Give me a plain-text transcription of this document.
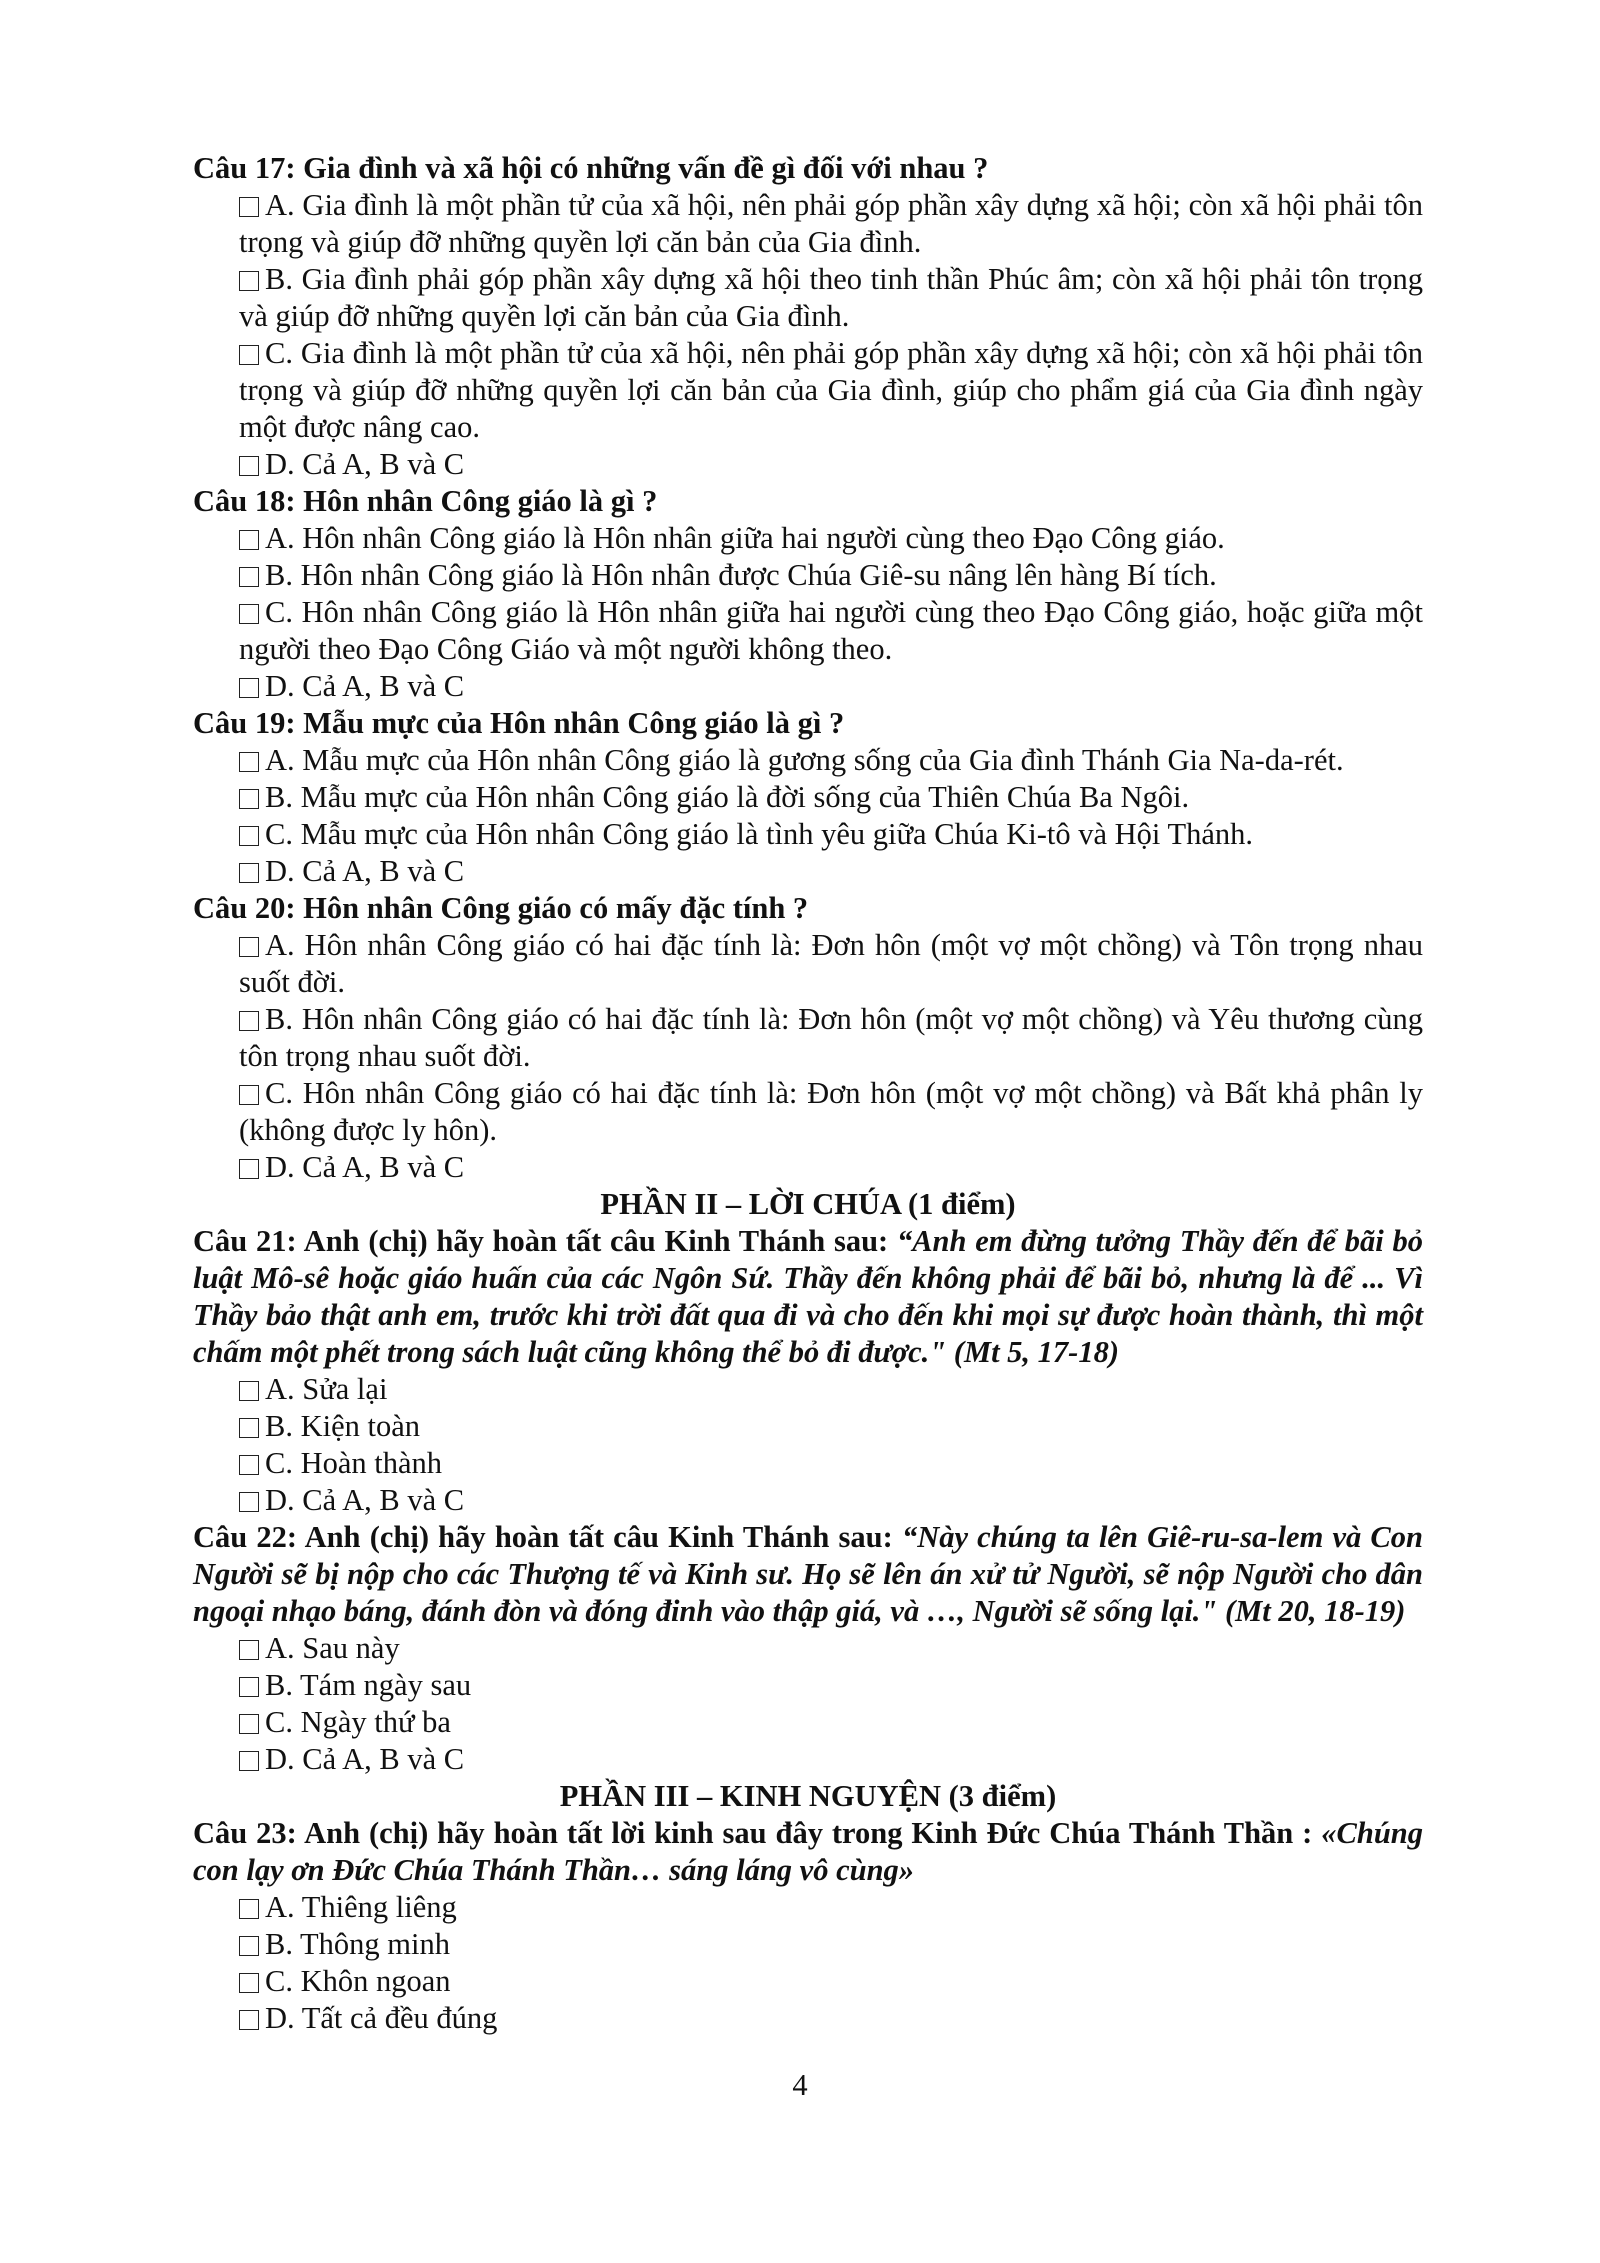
Câu 17: Gia đình và xã hội có những vấn đề gì đối với nhau ?

A. Gia đình là một phần tử của xã hội, nên phải góp phần xây dựng xã hội; còn xã hội phải tôn trọng và giúp đỡ những quyền lợi căn bản của Gia đình.

B. Gia đình phải góp phần xây dựng xã hội theo tinh thần Phúc âm; còn xã hội phải tôn trọng và giúp đỡ những quyền lợi căn bản của Gia đình.

C. Gia đình là một phần tử của xã hội, nên phải góp phần xây dựng xã hội; còn xã hội phải tôn trọng và giúp đỡ những quyền lợi căn bản của Gia đình, giúp cho phẩm giá của Gia đình ngày một được nâng cao.

D. Cả A, B và C

Câu 18: Hôn nhân Công giáo là gì ?

A. Hôn nhân Công giáo là Hôn nhân giữa hai người cùng theo Đạo Công giáo.

B. Hôn nhân Công giáo là Hôn nhân được Chúa Giê-su nâng lên hàng Bí tích.

C. Hôn nhân Công giáo là Hôn nhân giữa hai người cùng theo Đạo Công giáo, hoặc giữa một người theo Đạo Công Giáo và một người không theo.

D. Cả A, B và C

Câu 19: Mẫu mực của Hôn nhân Công giáo là gì ?

A. Mẫu mực của Hôn nhân Công giáo là gương sống của Gia đình Thánh Gia Na-da-rét.

B. Mẫu mực của Hôn nhân Công giáo là đời sống của Thiên Chúa Ba Ngôi.

C. Mẫu mực của Hôn nhân Công giáo là tình yêu giữa Chúa Ki-tô và Hội Thánh.

D. Cả A, B và C

Câu 20: Hôn nhân Công giáo có mấy đặc tính ?

A. Hôn nhân Công giáo có hai đặc tính là: Đơn hôn (một vợ một chồng) và Tôn trọng nhau suốt đời.

B. Hôn nhân Công giáo có hai đặc tính là: Đơn hôn (một vợ một chồng) và Yêu thương cùng tôn trọng nhau suốt đời.

C. Hôn nhân Công giáo có hai đặc tính là: Đơn hôn (một vợ một chồng) và Bất khả phân ly (không được ly hôn).

D. Cả A, B và C

PHẦN II – LỜI CHÚA (1 điểm)

Câu 21: Anh (chị) hãy hoàn tất câu Kinh Thánh sau: “Anh em đừng tưởng Thầy đến để bãi bỏ luật Mô-sê hoặc giáo huấn của các Ngôn Sứ. Thầy đến không phải để bãi bỏ, nhưng là để ... Vì Thầy bảo thật anh em, trước khi trời đất qua đi và cho đến khi mọi sự được hoàn thành, thì một chấm một phết trong sách luật cũng không thể bỏ đi được." (Mt 5, 17-18)

A. Sửa lại

B. Kiện toàn

C. Hoàn thành

D. Cả A, B và C

Câu 22: Anh (chị) hãy hoàn tất câu Kinh Thánh sau: “Này chúng ta lên Giê-ru-sa-lem và Con Người sẽ bị nộp cho các Thượng tế và Kinh sư. Họ sẽ lên án xử tử Người, sẽ nộp Người cho dân ngoại nhạo báng, đánh đòn và đóng đinh vào thập giá, và …, Người sẽ sống lại." (Mt 20, 18-19)

A. Sau này

B. Tám ngày sau

C. Ngày thứ ba

D. Cả A, B và C

PHẦN III – KINH NGUYỆN (3 điểm)

Câu 23: Anh (chị) hãy hoàn tất lời kinh sau đây trong Kinh Đức Chúa Thánh Thần : «Chúng con lạy ơn Đức Chúa Thánh Thần… sáng láng vô cùng»

A. Thiêng liêng

B. Thông minh

C. Khôn ngoan

D. Tất cả đều đúng

4
